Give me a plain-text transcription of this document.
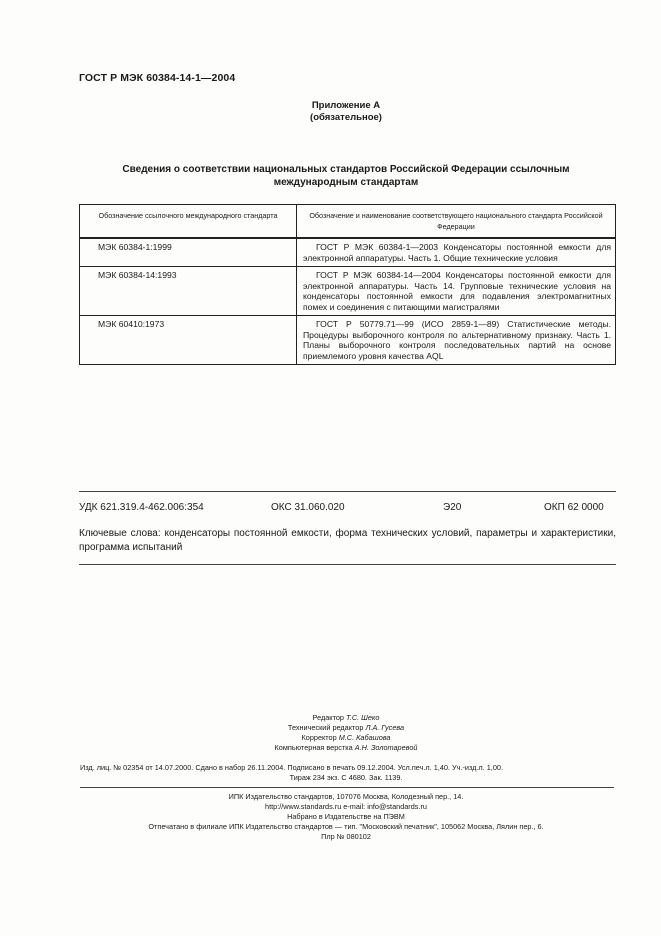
ГОСТ Р МЭК 60384-14-1—2004
Приложение А
(обязательное)
Сведения о соответствии национальных стандартов Российской Федерации ссылочным
международным стандартам
Обозначение ссылочного международного стандарта	Обозначение и наименование соответствующего национального стандарта Российской Федерации
МЭК 60384-1:1999	ГОСТ Р МЭК 60384-1—2003 Конденсаторы постоянной емкости для электронной аппаратуры. Часть 1. Общие технические условия
МЭК 60384-14:1993	ГОСТ Р МЭК 60384-14—2004 Конденсаторы постоянной емкости для электронной аппаратуры. Часть 14. Групповые технические условия на конденсаторы постоянной емкости для подавления электромагнитных помех и соединения с питающими магистралями
МЭК 60410:1973	ГОСТ Р 50779.71—99 (ИСО 2859-1—89) Статистические методы. Процедуры выборочного контроля по альтернативному признаку. Часть 1. Планы выборочного контроля последовательных партий на основе приемлемого уровня качества AQL
УДК 621.319.4-462.006:354	ОКС 31.060.020	Э20	ОКП 62 0000
Ключевые слова: конденсаторы постоянной емкости, форма технических условий, параметры и характеристики, программа испытаний
Редактор Т.С. Шеко
Технический редактор Л.А. Гусева
Корректор М.С. Кабашова
Компьютерная верстка А.Н. Золотаревой
Изд. лиц. № 02354 от 14.07.2000. Сдано в набор 26.11.2004. Подписано в печать 09.12.2004. Усл.печ.л. 1,40. Уч.-изд.л. 1,00.
Тираж 234 экз. С 4680. Зак. 1139.
ИПК Издательство стандартов, 107076 Москва, Колодезный пер., 14.
http://www.standards.ru e-mail: info@standards.ru
Набрано в Издательстве на ПЭВМ
Отпечатано в филиале ИПК Издательство стандартов — тип. "Московский печатник", 105062 Москва, Лялин пер., 6.
Плр № 080102
